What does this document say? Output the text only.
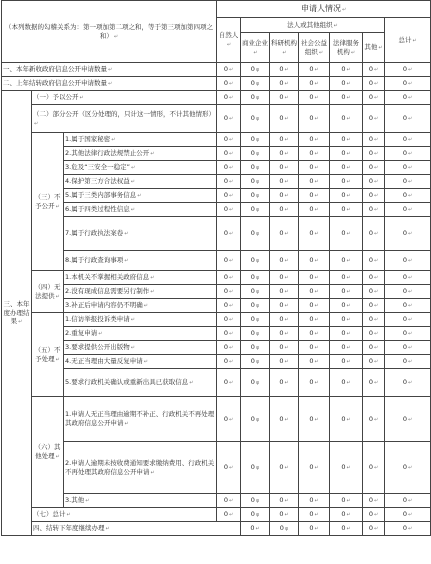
（本列数据的勾稽关系为：第一项加第二项之和，等于第三项加第四项之和）↵			申请人情况↵							
			自然人↵	法人或其他组织↵					总计↵	
				商业企业↵	科研机构↵	社会公益组织↵	法律服务机构↵	其他↵		
一、本年新收政府信息公开申请数量↵			0↵	0φ	0↵	0↵	0↵	0↵	0↵	
二、上年结转政府信息公开申请数量↵			0↵	0φ	0↵	0↵	0↵	0↵	0↵	
三、本年度办理结果↵	（一）予以公开↵		0↵	0φ	0↵	0↵	0↵	0↵	0↵	
	（二）部分公开（区分处理的，只计这一情形，不计其他情形）↵		0↵	0φ	0↵	0↵	0↵	0↵	0↵	
	（三）不予公开↵	1.属于国家秘密↵	0↵	0φ	0↵	0↵	0↵	0↵	0↵	
		2.其他法律行政法规禁止公开↵	0↵	0φ	0↵	0↵	0↵	0↵	0↵	
		3.危及“三安全一稳定”↵	0↵	0φ	0↵	0↵	0↵	0↵	0↵	
		4.保护第三方合法权益↵	0↵	0φ	0↵	0↵	0↵	0↵	0↵	
		5.属于三类内部事务信息↵	0↵	0φ	0↵	0↵	0↵	0↵	0↵	
		6.属于四类过程性信息↵	0↵	0φ	0↵	0↵	0↵	0↵	0↵	
		7.属于行政执法案卷↵	0↵	0φ	0↵	0↵	0↵	0↵	0↵	
		8.属于行政查询事项↵	0↵	0φ	0↵	0↵	0↵	0↵	0↵	
	（四）无法提供↵	1.本机关不掌握相关政府信息↵	0↵	0φ	0↵	0↵	0↵	0↵	0↵	
		2.没有现成信息需要另行制作↵	0↵	0φ	0↵	0↵	0↵	0↵	0↵	
		3.补正后申请内容仍不明确↵	0↵	0φ	0↵	0↵	0↵	0↵	0↵	
	（五）不予处理↵	1.信访举报投诉类申请↵	0↵	0φ	0↵	0↵	0↵	0↵	0↵	
		2.重复申请↵	0↵	0φ	0↵	0↵	0↵	0↵	0↵	
		3.要求提供公开出版物↵	0↵	0φ	0↵	0↵	0↵	0↵	0↵	
		4.无正当理由大量反复申请↵	0↵	0φ	0↵	0↵	0↵	0↵	0↵	
		5.要求行政机关确认或重新出具已获取信息↵	0↵	0φ	0↵	0↵	0↵	0↵	0↵	
	（六）其他处理↵	1.申请人无正当理由逾期不补正、行政机关不再处理其政府信息公开申请↵	0↵	0φ	0↵	0↵	0↵	0↵	0↵	
		2.申请人逾期未按收费通知要求缴纳费用、行政机关不再处理其政府信息公开申请↵	0↵	0φ	0↵	0↵	0↵	0↵	0↵	
		3.其他↵	0↵	0φ	0↵	0↵	0↵	0↵	0↵	
	（七）总计↵		0↵	0φ	0↵	0↵	0↵	0↵	0↵	
	四、结转下年度继续办理↵			0↵	0φ	0↵	0↵	0↵	0↵	
